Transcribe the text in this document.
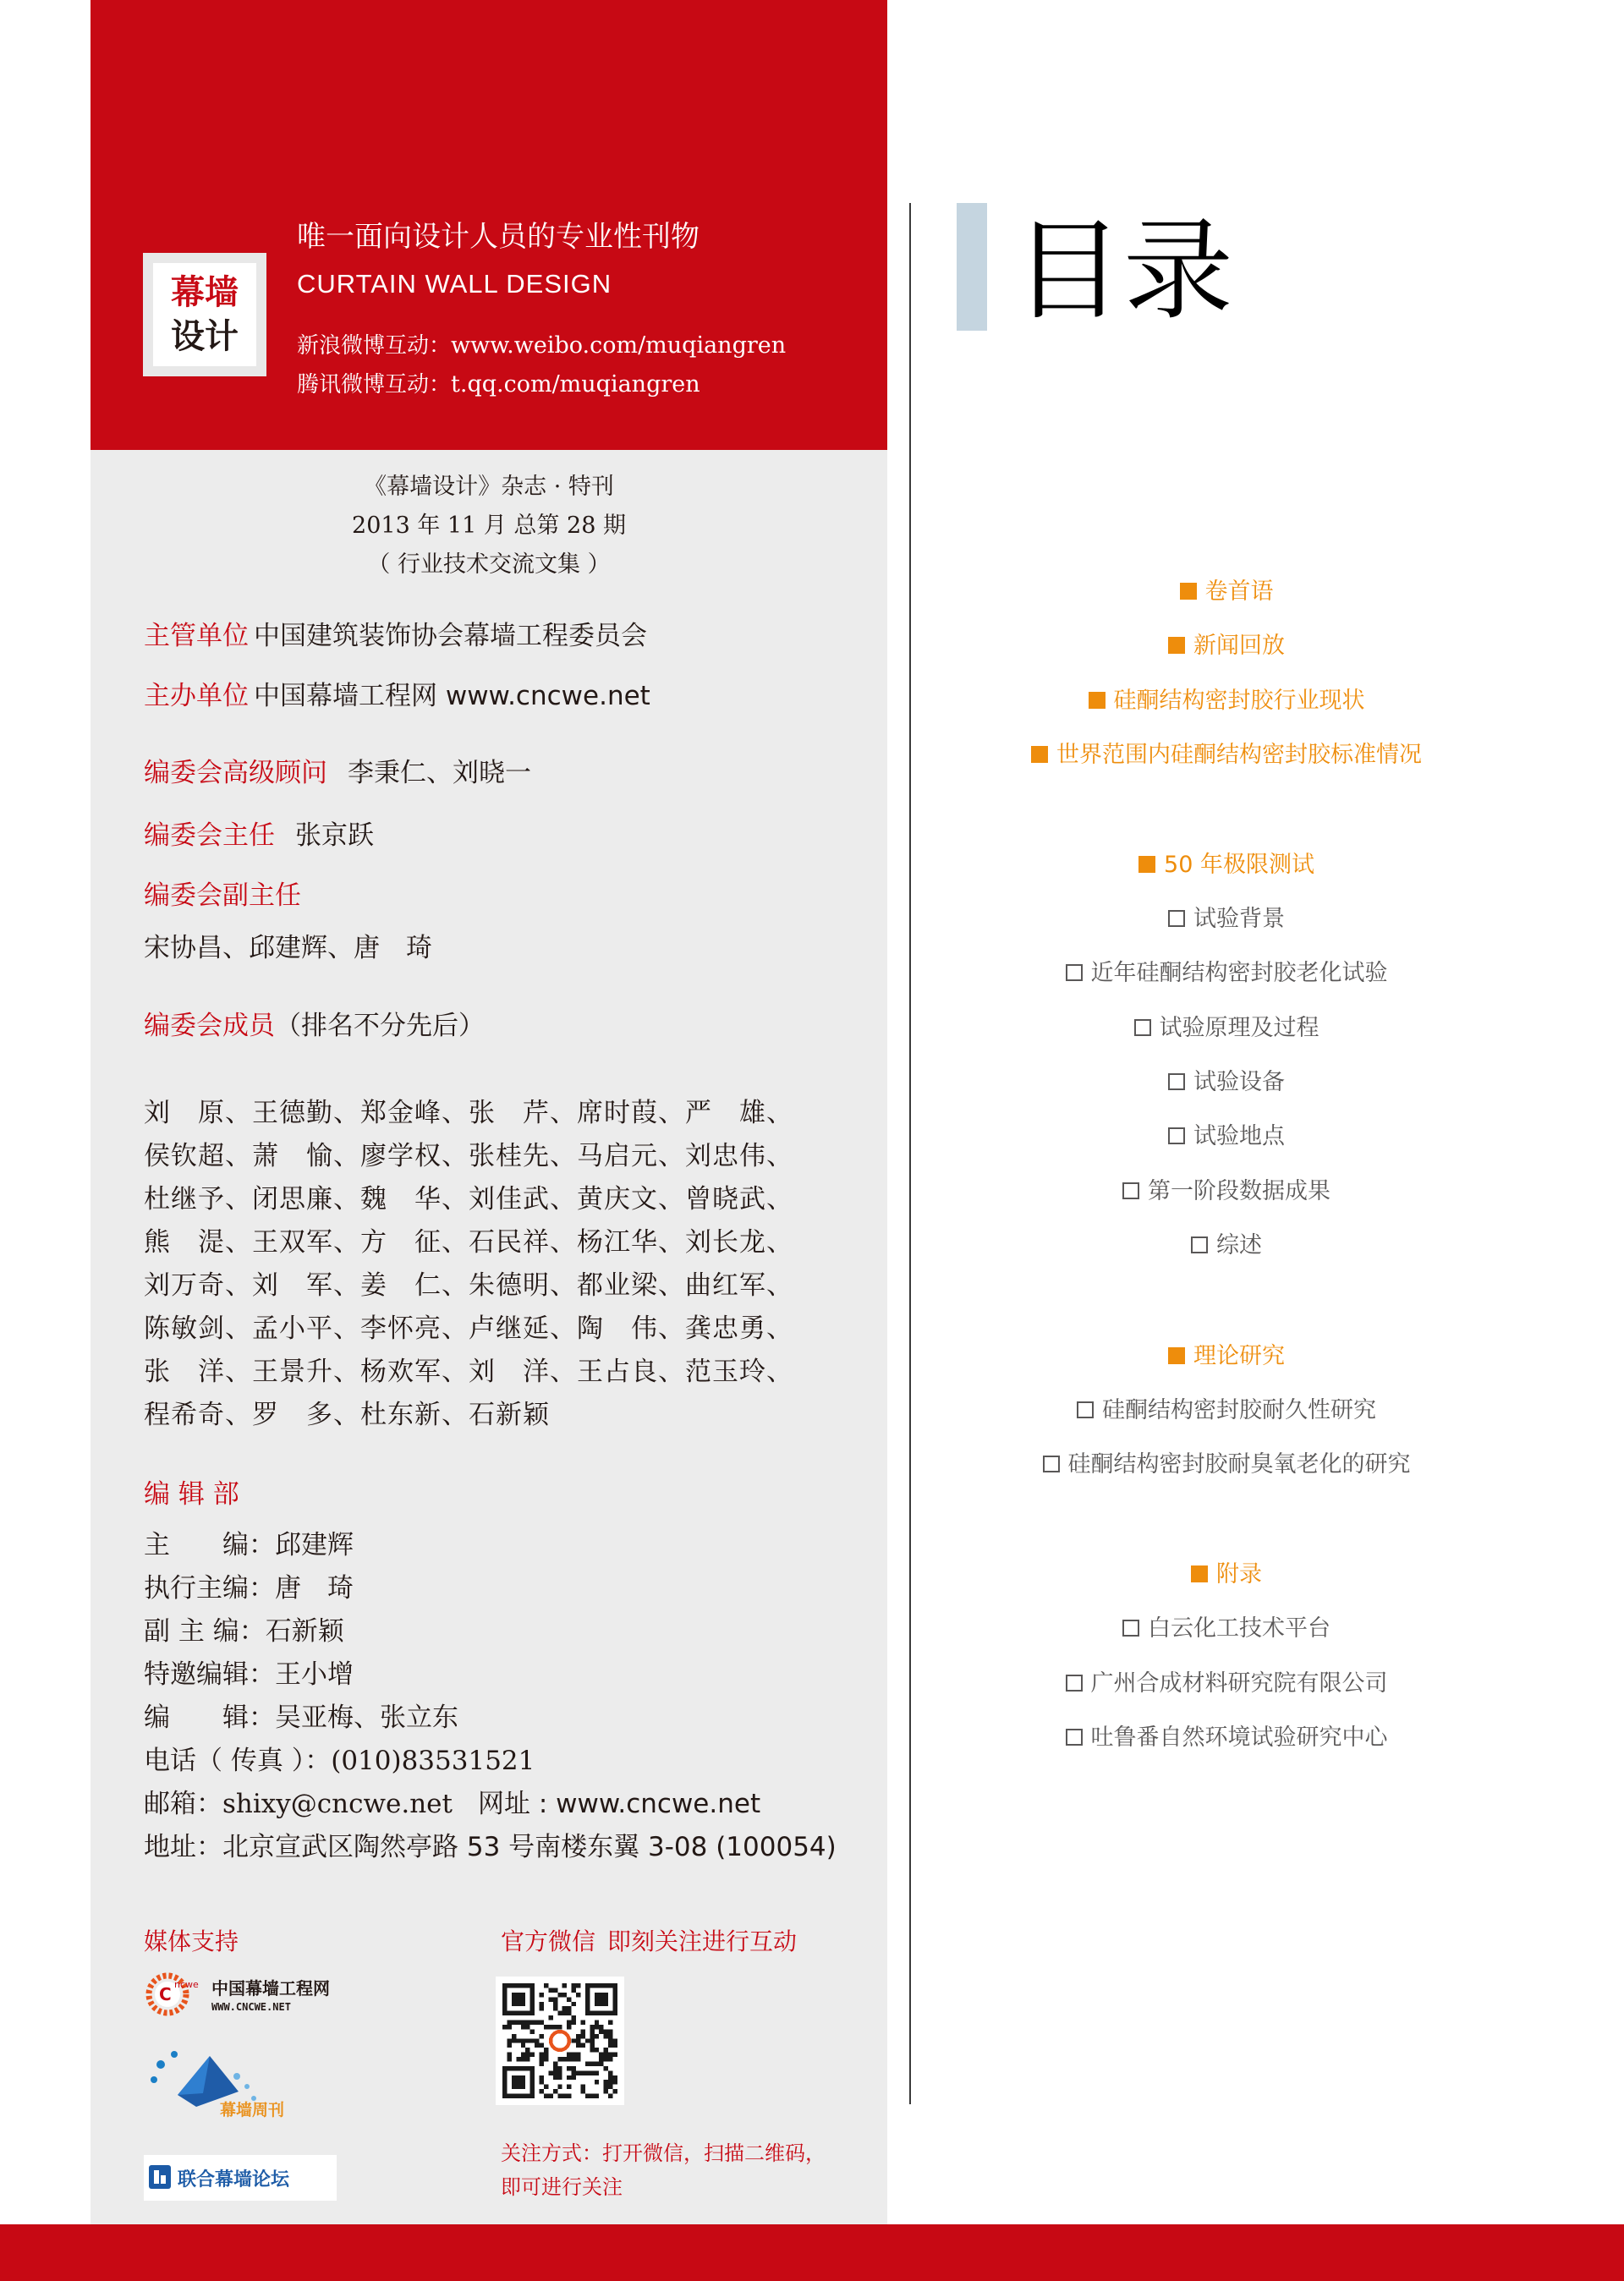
幕墙
设计
唯一面向设计人员的专业性刊物
CURTAIN WALL DESIGN
新浪微博互动：www.weibo.com/muqiangren
腾讯微博互动：t.qq.com/muqiangren
《幕墙设计》杂志 · 特刊
2013 年 11 月 总第 28 期
（ 行业技术交流文集 ）
主管单位 中国建筑装饰协会幕墙工程委员会
主办单位 中国幕墙工程网 www.cncwe.net
编委会高级顾问 李秉仁、刘晓一
编委会主任 张京跃
编委会副主任
宋协昌、邱建辉、唐　琦
编委会成员（排名不分先后）
刘　原、王德勤、郑金峰、张　芹、席时葭、严　雄、
侯钦超、萧　愉、廖学权、张桂先、马启元、刘忠伟、
杜继予、闭思廉、魏　华、刘佳武、黄庆文、曾晓武、
熊　湜、王双军、方　征、石民祥、杨江华、刘长龙、
刘万奇、刘　军、姜　仁、朱德明、都业梁、曲红军、
陈敏剑、孟小平、李怀亮、卢继延、陶　伟、龚忠勇、
张　洋、王景升、杨欢军、刘　洋、王占良、范玉玲、
程希奇、罗　多、杜东新、石新颖
编 辑 部
主　　编：邱建辉
执行主编：唐　琦
副 主 编：石新颖
特邀编辑：王小增
编　　辑：吴亚梅、张立东
电话（ 传真 ）：(010)83531521
邮箱：shixy@cncwe.net 网址 : www.cncwe.net
地址：北京宣武区陶然亭路 53 号南楼东翼 3-08 (100054)
媒体支持	官方微信 即刻关注进行互动
C ncwe 中国幕墙工程网
WWW.CNCWE.NET
幕墙周刊
联合幕墙论坛
关注方式：打开微信，扫描二维码，
即可进行关注
目录
卷首语
新闻回放
硅酮结构密封胶行业现状
世界范围内硅酮结构密封胶标准情况
50 年极限测试
试验背景
近年硅酮结构密封胶老化试验
试验原理及过程
试验设备
试验地点
第一阶段数据成果
综述
理论研究
硅酮结构密封胶耐久性研究
硅酮结构密封胶耐臭氧老化的研究
附录
白云化工技术平台
广州合成材料研究院有限公司
吐鲁番自然环境试验研究中心
